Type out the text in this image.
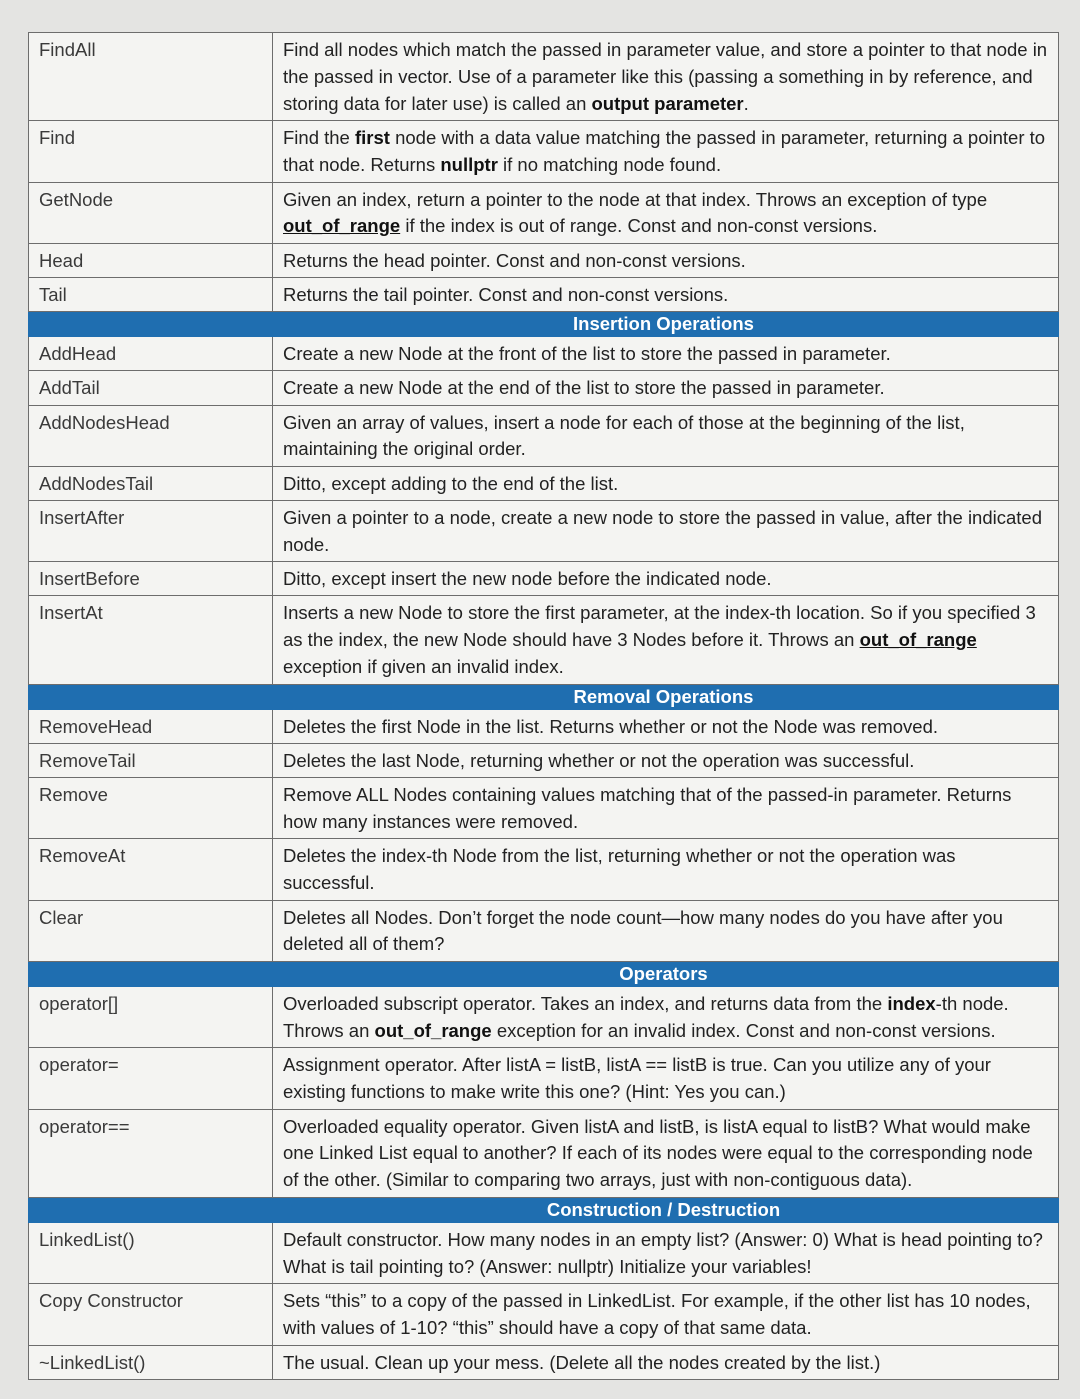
FindAll	Find all nodes which match the passed in parameter value, and store a pointer to that node in the passed in vector. Use of a parameter like this (passing a something in by reference, and storing data for later use) is called an output parameter.
Find	Find the first node with a data value matching the passed in parameter, returning a pointer to that node. Returns nullptr if no matching node found.
GetNode	Given an index, return a pointer to the node at that index. Throws an exception of type out_of_range if the index is out of range. Const and non-const versions.
Head	Returns the head pointer. Const and non-const versions.
Tail	Returns the tail pointer. Const and non-const versions.
Insertion Operations	
AddHead	Create a new Node at the front of the list to store the passed in parameter.
AddTail	Create a new Node at the end of the list to store the passed in parameter.
AddNodesHead	Given an array of values, insert a node for each of those at the beginning of the list, maintaining the original order.
AddNodesTail	Ditto, except adding to the end of the list.
InsertAfter	Given a pointer to a node, create a new node to store the passed in value, after the indicated node.
InsertBefore	Ditto, except insert the new node before the indicated node.
InsertAt	Inserts a new Node to store the first parameter, at the index-th location. So if you specified 3 as the index, the new Node should have 3 Nodes before it. Throws an out_of_range exception if given an invalid index.
Removal Operations	
RemoveHead	Deletes the first Node in the list. Returns whether or not the Node was removed.
RemoveTail	Deletes the last Node, returning whether or not the operation was successful.
Remove	Remove ALL Nodes containing values matching that of the passed-in parameter. Returns how many instances were removed.
RemoveAt	Deletes the index-th Node from the list, returning whether or not the operation was successful.
Clear	Deletes all Nodes. Don’t forget the node count—how many nodes do you have after you deleted all of them?
Operators	
operator[]	Overloaded subscript operator. Takes an index, and returns data from the index-th node. Throws an out_of_range exception for an invalid index. Const and non-const versions.
operator=	Assignment operator. After listA = listB, listA == listB is true. Can you utilize any of your existing functions to make write this one? (Hint: Yes you can.)
operator==	Overloaded equality operator. Given listA and listB, is listA equal to listB? What would make one Linked List equal to another? If each of its nodes were equal to the corresponding node of the other. (Similar to comparing two arrays, just with non-contiguous data).
Construction / Destruction	
LinkedList()	Default constructor. How many nodes in an empty list? (Answer: 0) What is head pointing to? What is tail pointing to? (Answer: nullptr) Initialize your variables!
Copy Constructor	Sets “this” to a copy of the passed in LinkedList. For example, if the other list has 10 nodes, with values of 1-10? “this” should have a copy of that same data.
~LinkedList()	The usual. Clean up your mess. (Delete all the nodes created by the list.)
